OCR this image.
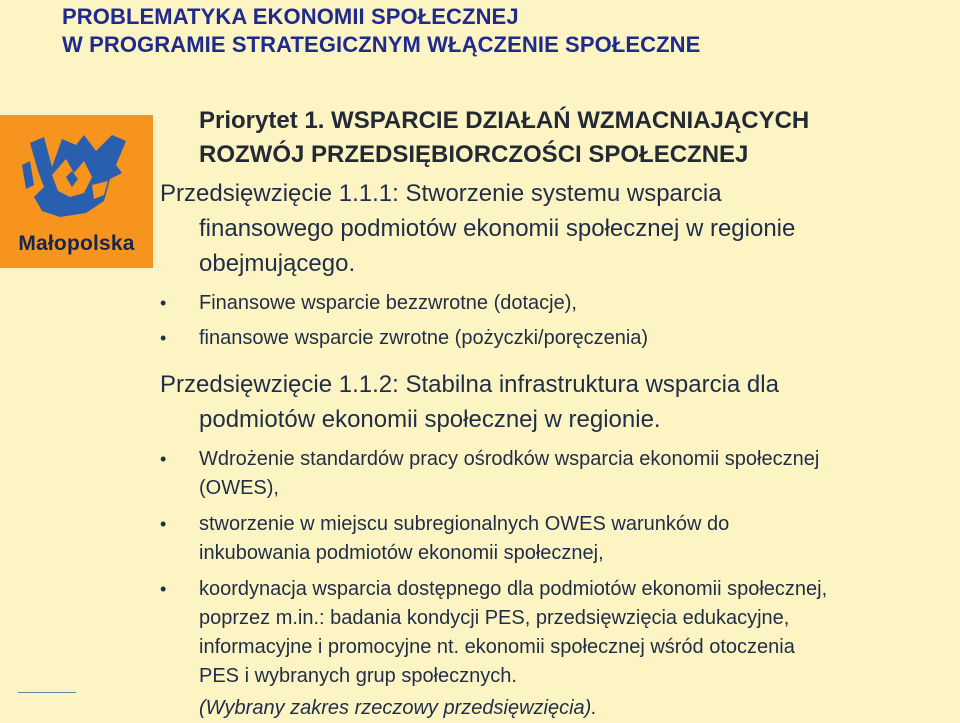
PROBLEMATYKA EKONOMII SPOŁECZNEJ
W PROGRAMIE STRATEGICZNYM WŁĄCZENIE SPOŁECZNE
Małopolska
Priorytet 1. WSPARCIE DZIAŁAŃ WZMACNIAJĄCYCH
ROZWÓJ PRZEDSIĘBIORCZOŚCI SPOŁECZNEJ
Przedsięwzięcie 1.1.1: Stworzenie systemu wsparcia
finansowego podmiotów ekonomii społecznej w regionie
obejmującego.
• Finansowe wsparcie bezzwrotne (dotacje),
• finansowe wsparcie zwrotne (pożyczki/poręczenia)
Przedsięwzięcie 1.1.2: Stabilna infrastruktura wsparcia dla
podmiotów ekonomii społecznej w regionie.
• Wdrożenie standardów pracy ośrodków wsparcia ekonomii społecznej
(OWES),
• stworzenie w miejscu subregionalnych OWES warunków do
inkubowania podmiotów ekonomii społecznej,
• koordynacja wsparcia dostępnego dla podmiotów ekonomii społecznej,
poprzez m.in.: badania kondycji PES, przedsięwzięcia edukacyjne,
informacyjne i promocyjne nt. ekonomii społecznej wśród otoczenia
PES i wybranych grup społecznych.
(Wybrany zakres rzeczowy przedsięwzięcia).
